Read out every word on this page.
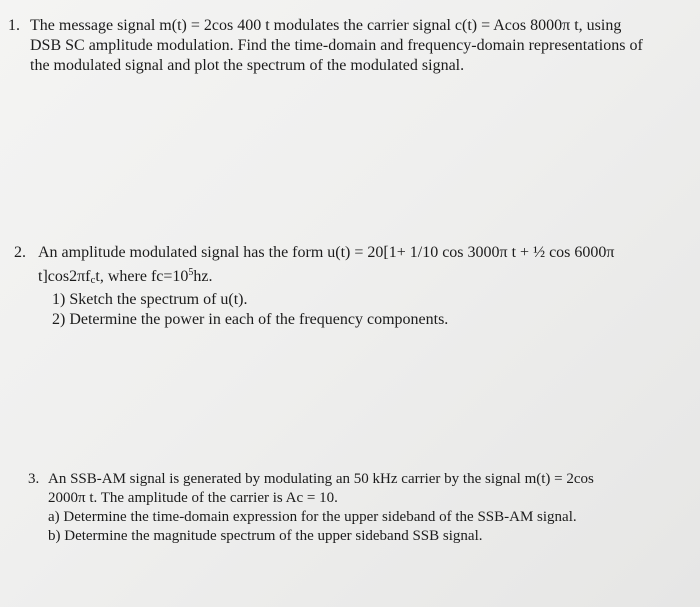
1. The message signal m(t) = 2cos 400 t modulates the carrier signal c(t) = Acos 8000π t, using
DSB SC amplitude modulation. Find the time-domain and frequency-domain representations of
the modulated signal and plot the spectrum of the modulated signal.
2. An amplitude modulated signal has the form u(t) = 20[1+ 1/10 cos 3000π t + ½ cos 6000π
t]cos2πfct, where $fc=10^5hz$.
1) Sketch the spectrum of u(t).
2) Determine the power in each of the frequency components.
3. An SSB-AM signal is generated by modulating an 50 kHz carrier by the signal m(t) = 2cos
2000π t. The amplitude of the carrier is Ac = 10.
a) Determine the time-domain expression for the upper sideband of the SSB-AM signal.
b) Determine the magnitude spectrum of the upper sideband SSB signal.
